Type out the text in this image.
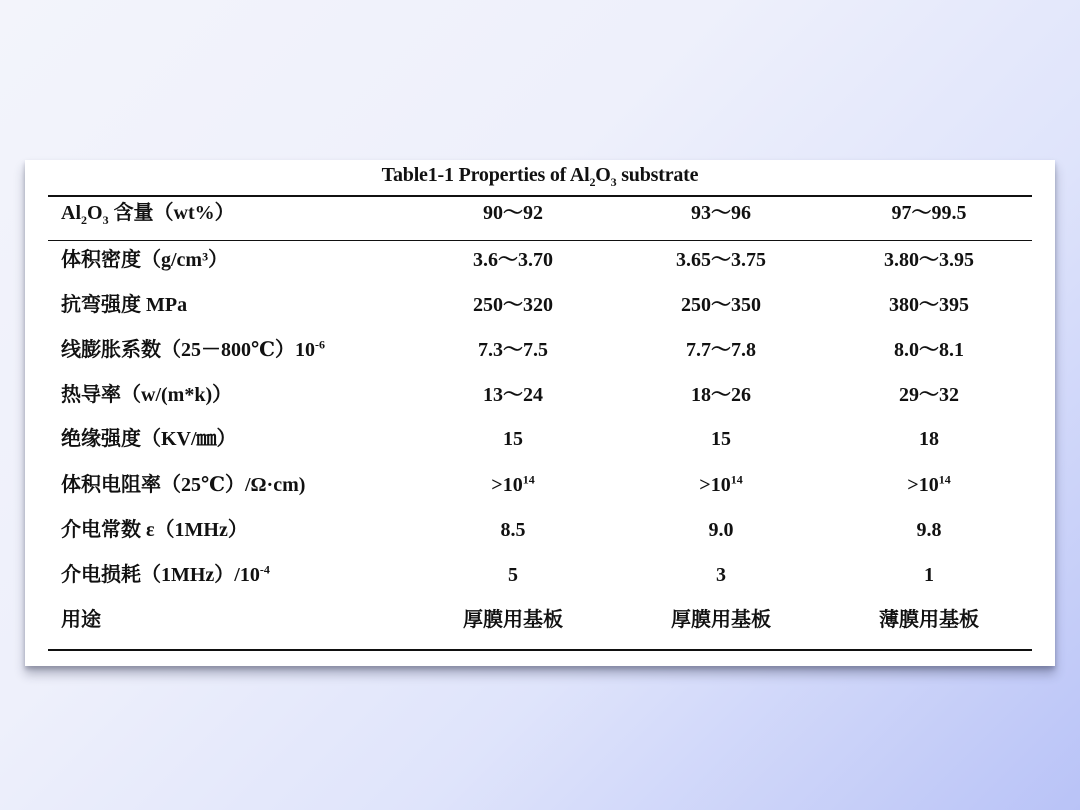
Table1-1 Properties of $Al_2O_3$ substrate
$Al_2O_3$ 含量（wt%）	90～92	93～96	97～99.5
体积密度（g/cm³）	3.6～3.70	3.65～3.75	3.80～3.95
抗弯强度 MPa	250～320	250～350	380～395
线膨胀系数$(25-800℃)10^{-6}$	7.3～7.5	7.7～7.8	8.0～8.1
热导率（w/(m*k)）	13～24	18～26	29～32
绝缘强度（KV/㎜）	15	15	18
体积电阻率（25℃）/Ω·cm)	$>10^{14}$	$>10^{14}$	$>10^{14}$
介电常数 ε（1MHz）	8.5	9.0	9.8
介电损耗$(1MHz)/10^{-4}$	5	3	1
用途	厚膜用基板	厚膜用基板	薄膜用基板
